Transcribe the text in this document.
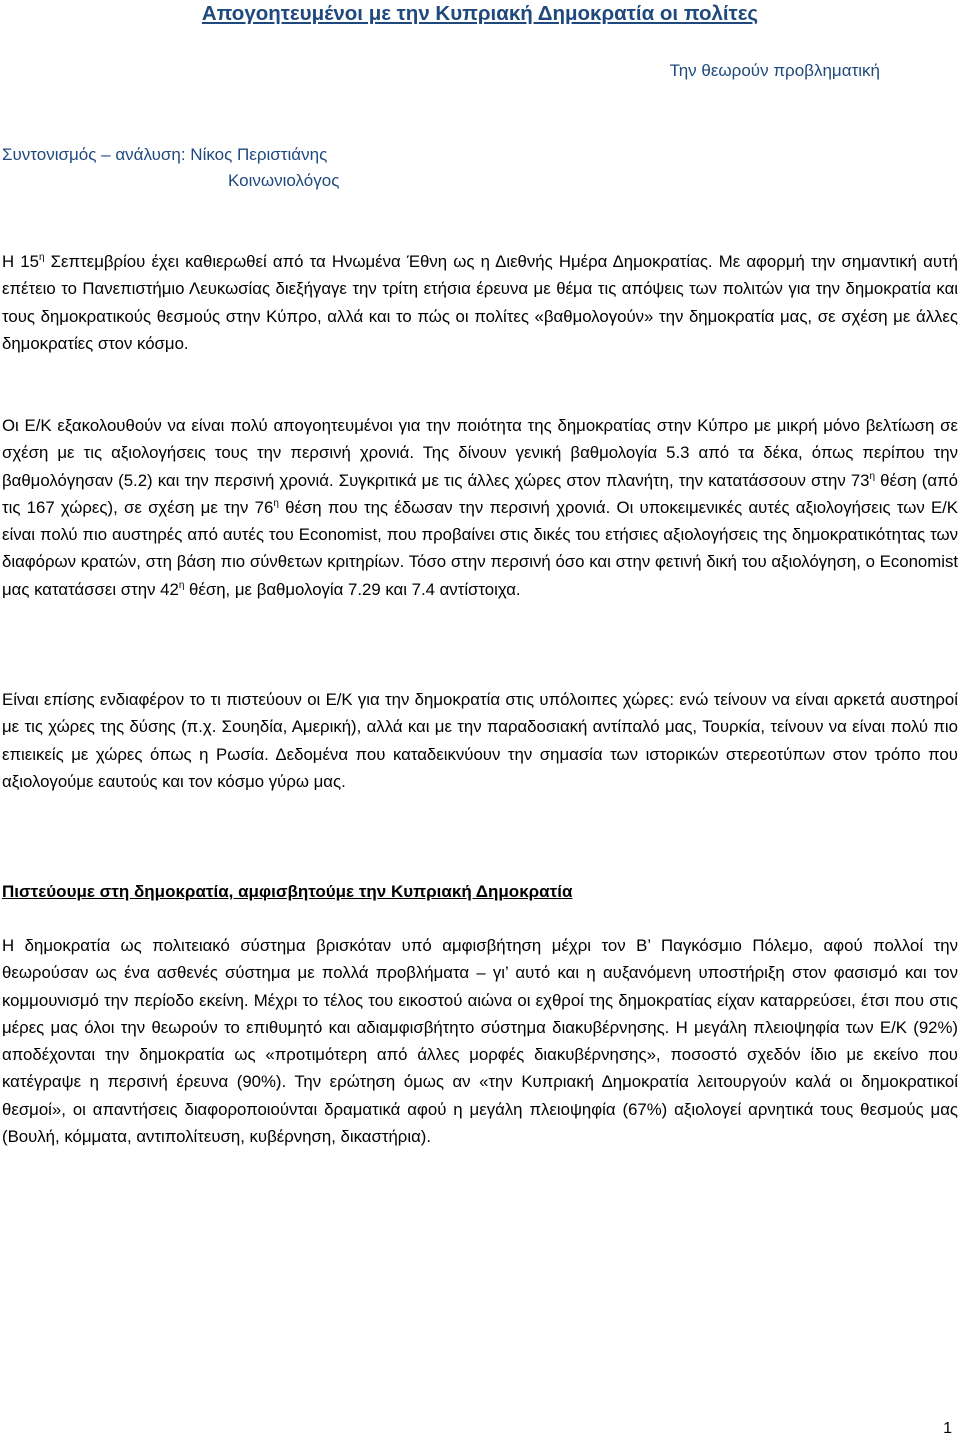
Απογοητευμένοι με την Κυπριακή Δημοκρατία οι πολίτες

Την θεωρούν προβληματική

Συντονισμός – ανάλυση: Νίκος Περιστιάνης
Κοινωνιολόγος

Η $15^\eta$ Σεπτεμβρίου έχει καθιερωθεί από τα Ηνωμένα Έθνη ως η Διεθνής Ημέρα Δημοκρατίας. Με αφορμή την σημαντική αυτή επέτειο το Πανεπιστήμιο Λευκωσίας διεξήγαγε την τρίτη ετήσια έρευνα με θέμα τις απόψεις των πολιτών για την δημοκρατία και τους δημοκρατικούς θεσμούς στην Κύπρο, αλλά και το πώς οι πολίτες «βαθμολογούν» την δημοκρατία μας, σε σχέση με άλλες δημοκρατίες στον κόσμο.

Οι Ε/Κ εξακολουθούν να είναι πολύ απογοητευμένοι για την ποιότητα της δημοκρατίας στην Κύπρο με μικρή μόνο βελτίωση σε σχέση με τις αξιολογήσεις τους την περσινή χρονιά. Της δίνουν γενική βαθμολογία 5.3 από τα δέκα, όπως περίπου την βαθμολόγησαν (5.2) και την περσινή χρονιά. Συγκριτικά με τις άλλες χώρες στον πλανήτη, την κατατάσσουν στην $73^\eta$ θέση (από τις 167 χώρες), σε σχέση με την $76^\eta$ θέση που της έδωσαν την περσινή χρονιά. Οι υποκειμενικές αυτές αξιολογήσεις των Ε/Κ είναι πολύ πιο αυστηρές από αυτές του Economist, που προβαίνει στις δικές του ετήσιες αξιολογήσεις της δημοκρατικότητας των διαφόρων κρατών, στη βάση πιο σύνθετων κριτηρίων. Τόσο στην περσινή όσο και στην φετινή δική του αξιολόγηση, ο Economist μας κατατάσσει στην $42^\eta$ θέση, με βαθμολογία 7.29 και 7.4 αντίστοιχα.

Είναι επίσης ενδιαφέρον το τι πιστεύουν οι Ε/Κ για την δημοκρατία στις υπόλοιπες χώρες: ενώ τείνουν να είναι αρκετά αυστηροί με τις χώρες της δύσης (π.χ. Σουηδία, Αμερική), αλλά και με την παραδοσιακή αντίπαλό μας, Τουρκία, τείνουν να είναι πολύ πιο επιεικείς με χώρες όπως η Ρωσία. Δεδομένα που καταδεικνύουν την σημασία των ιστορικών στερεοτύπων στον τρόπο που αξιολογούμε εαυτούς και τον κόσμο γύρω μας.

Πιστεύουμε στη δημοκρατία, αμφισβητούμε την Κυπριακή Δημοκρατία

Η δημοκρατία ως πολιτειακό σύστημα βρισκόταν υπό αμφισβήτηση μέχρι τον Β’ Παγκόσμιο Πόλεμο, αφού πολλοί την θεωρούσαν ως ένα ασθενές σύστημα με πολλά προβλήματα – γι’ αυτό και η αυξανόμενη υποστήριξη στον φασισμό και τον κομμουνισμό την περίοδο εκείνη. Μέχρι το τέλος του εικοστού αιώνα οι εχθροί της δημοκρατίας είχαν καταρρεύσει, έτσι που στις μέρες μας όλοι την θεωρούν το επιθυμητό και αδιαμφισβήτητο σύστημα διακυβέρνησης. Η μεγάλη πλειοψηφία των Ε/Κ (92%) αποδέχονται την δημοκρατία ως «προτιμότερη από άλλες μορφές διακυβέρνησης», ποσοστό σχεδόν ίδιο με εκείνο που κατέγραψε η περσινή έρευνα (90%). Την ερώτηση όμως αν «την Κυπριακή Δημοκρατία λειτουργούν καλά οι δημοκρατικοί θεσμοί», οι απαντήσεις διαφοροποιούνται δραματικά αφού η μεγάλη πλειοψηφία (67%) αξιολογεί αρνητικά τους θεσμούς μας (Βουλή, κόμματα, αντιπολίτευση, κυβέρνηση, δικαστήρια).

1
